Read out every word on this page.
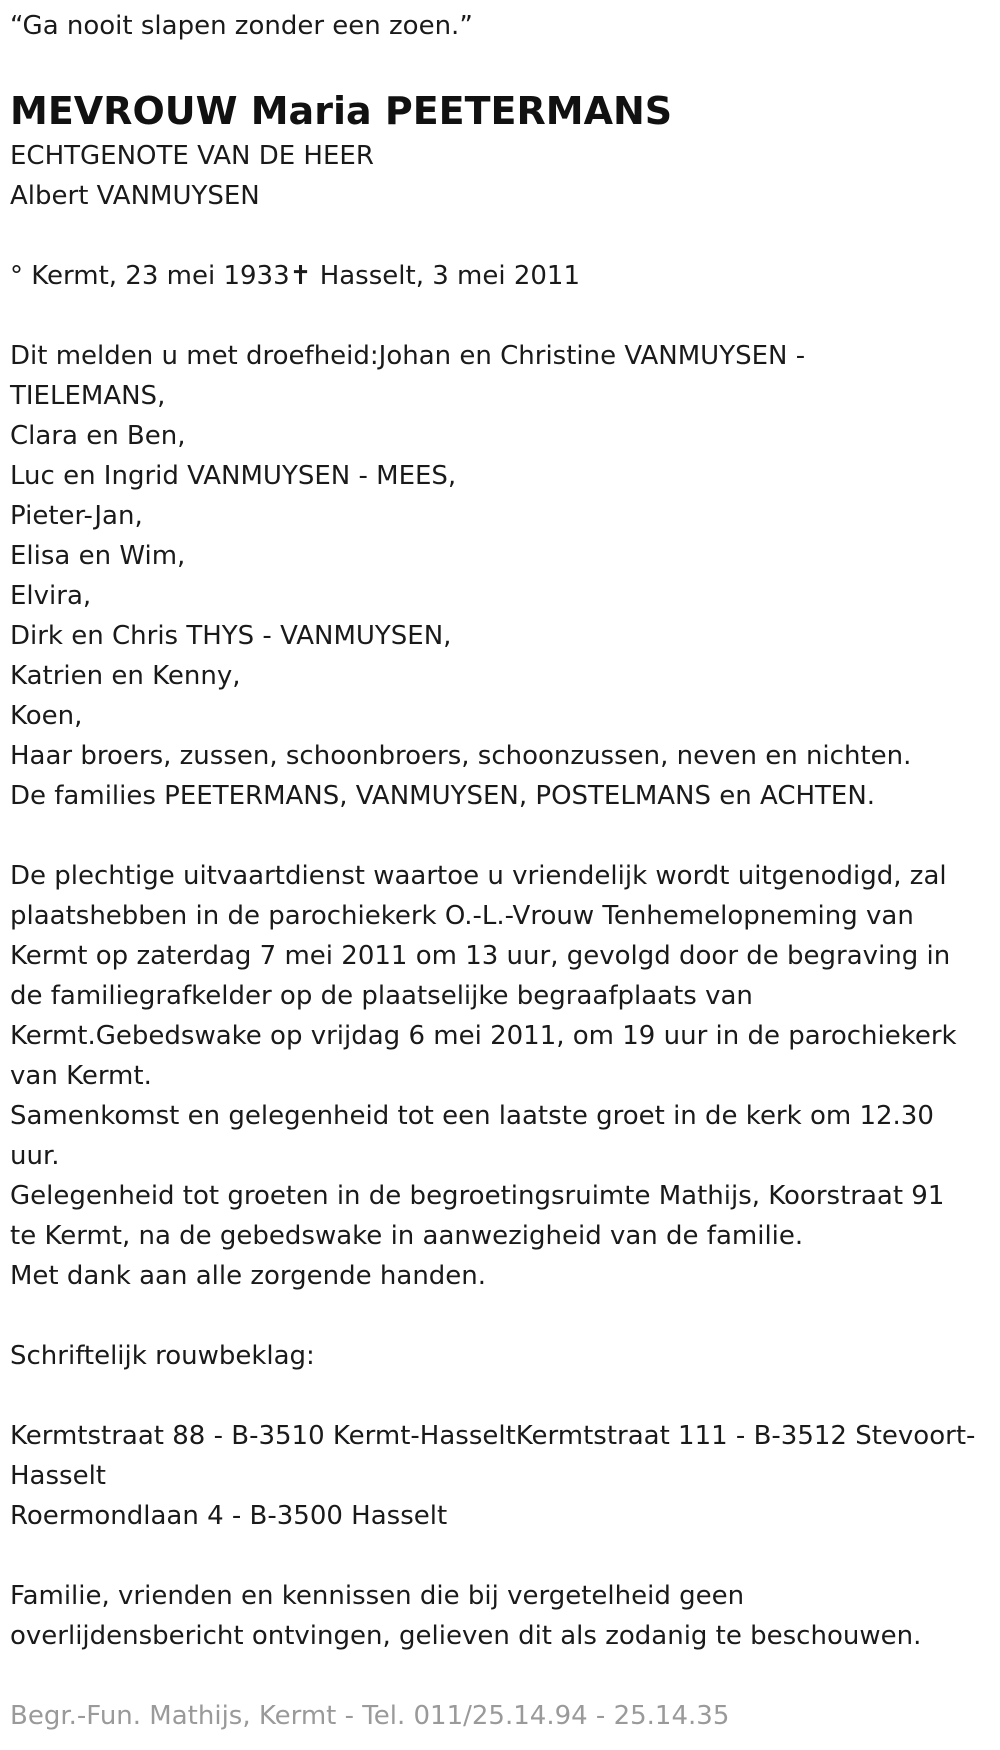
“Ga nooit slapen zonder een zoen.”
MEVROUW Maria PEETERMANS
ECHTGENOTE VAN DE HEER
Albert VANMUYSEN
° Kermt, 23 mei 1933✝ Hasselt, 3 mei 2011
Dit melden u met droefheid:Johan en Christine VANMUYSEN -
TIELEMANS,
Clara en Ben,
Luc en Ingrid VANMUYSEN - MEES,
Pieter-Jan,
Elisa en Wim,
Elvira,
Dirk en Chris THYS - VANMUYSEN,
Katrien en Kenny,
Koen,
Haar broers, zussen, schoonbroers, schoonzussen, neven en nichten.
De families PEETERMANS, VANMUYSEN, POSTELMANS en ACHTEN.
De plechtige uitvaartdienst waartoe u vriendelijk wordt uitgenodigd, zal
plaatshebben in de parochiekerk O.-L.-Vrouw Tenhemelopneming van
Kermt op zaterdag 7 mei 2011 om 13 uur, gevolgd door de begraving in
de familiegrafkelder op de plaatselijke begraafplaats van
Kermt.Gebedswake op vrijdag 6 mei 2011, om 19 uur in de parochiekerk
van Kermt.
Samenkomst en gelegenheid tot een laatste groet in de kerk om 12.30
uur.
Gelegenheid tot groeten in de begroetingsruimte Mathijs, Koorstraat 91
te Kermt, na de gebedswake in aanwezigheid van de familie.
Met dank aan alle zorgende handen.
Schriftelijk rouwbeklag:
Kermtstraat 88 - B-3510 Kermt-HasseltKermtstraat 111 - B-3512 Stevoort-
Hasselt
Roermondlaan 4 - B-3500 Hasselt
Familie, vrienden en kennissen die bij vergetelheid geen
overlijdensbericht ontvingen, gelieven dit als zodanig te beschouwen.
Begr.-Fun. Mathijs, Kermt - Tel. 011/25.14.94 - 25.14.35
